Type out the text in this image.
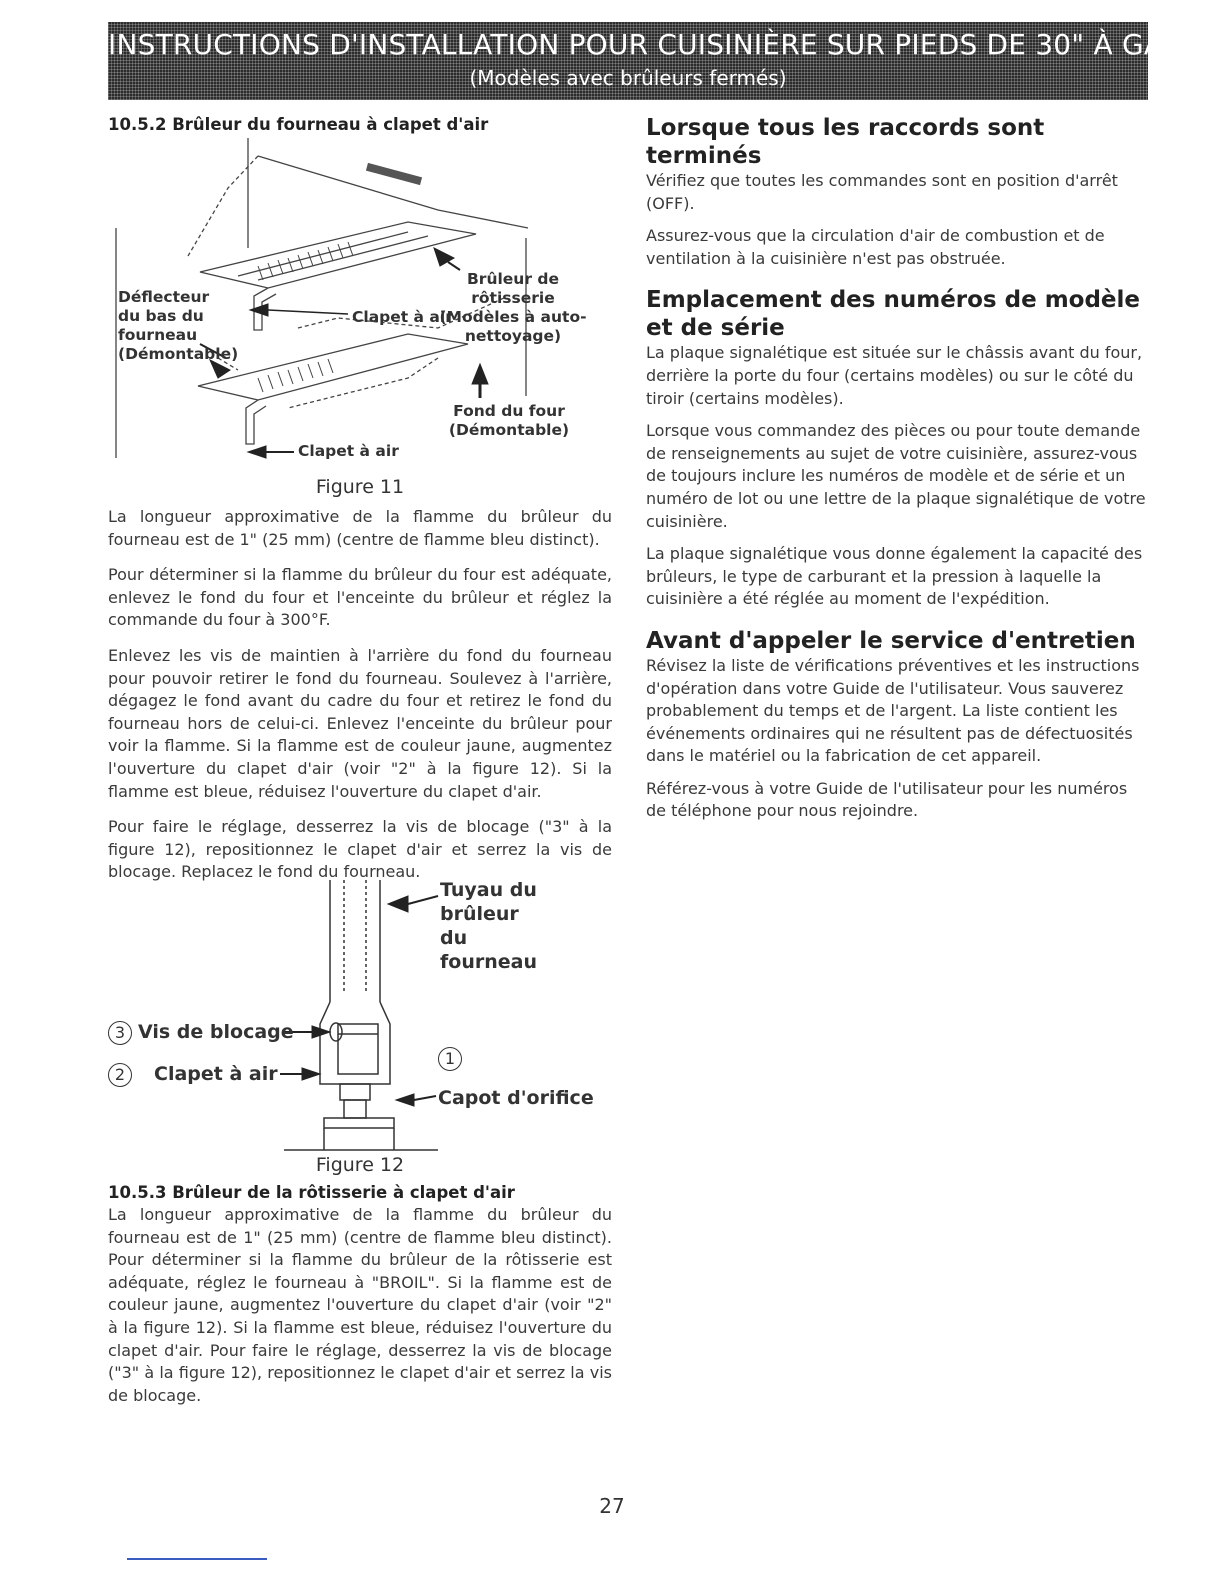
INSTRUCTIONS D'INSTALLATION POUR CUISINIÈRE SUR PIEDS DE 30" À GAZ
(Modèles avec brûleurs fermés)
10.5.2 Brûleur du fourneau à clapet d'air
Déflecteur du bas du fourneau (Démontable)
Clapet à air
Brûleur de rôtisserie (Modèles à auto-nettoyage)
Fond du four (Démontable)
Clapet à air
Figure 11

La longueur approximative de la flamme du brûleur du fourneau est de 1" (25 mm) (centre de flamme bleu distinct).

Pour déterminer si la flamme du brûleur du four est adéquate, enlevez le fond du four et l'enceinte du brûleur et réglez la commande du four à 300°F.

Enlevez les vis de maintien à l'arrière du fond du fourneau pour pouvoir retirer le fond du fourneau. Soulevez à l'arrière, dégagez le fond avant du cadre du four et retirez le fond du fourneau hors de celui-ci. Enlevez l'enceinte du brûleur pour voir la flamme. Si la flamme est de couleur jaune, augmentez l'ouverture du clapet d'air (voir "2" à la figure 12). Si la flamme est bleue, réduisez l'ouverture du clapet d'air.

Pour faire le réglage, desserrez la vis de blocage ("3" à la figure 12), repositionnez le clapet d'air et serrez la vis de blocage. Replacez le fond du fourneau.

Tuyau du brûleur du fourneau
3 Vis de blocage
2 Clapet à air
1
Capot d'orifice
Figure 12
10.5.3 Brûleur de la rôtisserie à clapet d'air

La longueur approximative de la flamme du brûleur du fourneau est de 1" (25 mm) (centre de flamme bleu distinct). Pour déterminer si la flamme du brûleur de la rôtisserie est adéquate, réglez le fourneau à "BROIL". Si la flamme est de couleur jaune, augmentez l'ouverture du clapet d'air (voir "2" à la figure 12). Si la flamme est bleue, réduisez l'ouverture du clapet d'air. Pour faire le réglage, desserrez la vis de blocage ("3" à la figure 12), repositionnez le clapet d'air et serrez la vis de blocage.

Lorsque tous les raccords sont terminés

Vérifiez que toutes les commandes sont en position d'arrêt (OFF).

Assurez-vous que la circulation d'air de combustion et de ventilation à la cuisinière n'est pas obstruée.

Emplacement des numéros de modèle et de série

La plaque signalétique est située sur le châssis avant du four, derrière la porte du four (certains modèles) ou sur le côté du tiroir (certains modèles).

Lorsque vous commandez des pièces ou pour toute demande de renseignements au sujet de votre cuisinière, assurez-vous de toujours inclure les numéros de modèle et de série et un numéro de lot ou une lettre de la plaque signalétique de votre cuisinière.

La plaque signalétique vous donne également la capacité des brûleurs, le type de carburant et la pression à laquelle la cuisinière a été réglée au moment de l'expédition.

Avant d'appeler le service d'entretien

Révisez la liste de vérifications préventives et les instructions d'opération dans votre Guide de l'utilisateur. Vous sauverez probablement du temps et de l'argent. La liste contient les événements ordinaires qui ne résultent pas de défectuosités dans le matériel ou la fabrication de cet appareil.

Référez-vous à votre Guide de l'utilisateur pour les numéros de téléphone pour nous rejoindre.

27
